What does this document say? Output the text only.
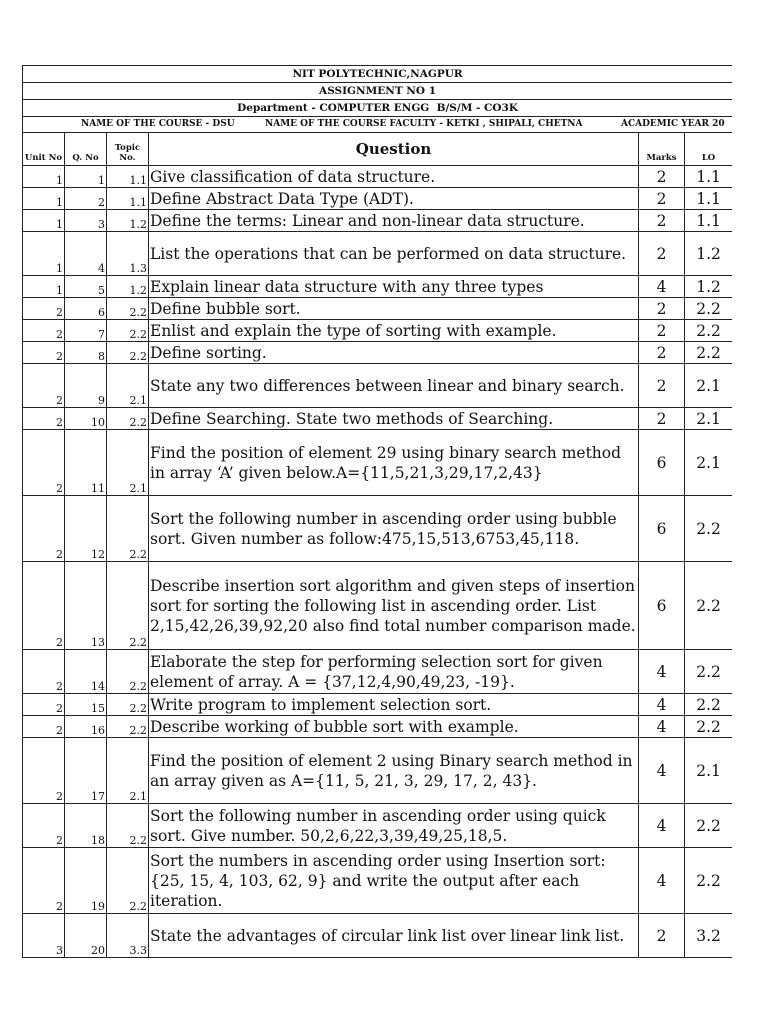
NIT POLYTECHNIC,NAGPUR					
ASSIGNMENT NO 1					
Department - COMPUTER ENGG  B/S/M - CO3K					

NAME OF THE COURSE - DSU NAME OF THE COURSE FACULTY - KETKI , SHIPALI, CHETNA ACADEMIC YEAR 20					

Unit No	Q. No	Topic No.	Question	Marks	LO
1	1	1.1	Give classification of data structure.	2	1.1
1	2	1.1	Define Abstract Data Type (ADT).	2	1.1
1	3	1.2	Define the terms: Linear and non-linear data structure.	2	1.1
1	4	1.3	List the operations that can be performed on data structure.	2	1.2
1	5	1.2	Explain linear data structure with any three types	4	1.2
2	6	2.2	Define bubble sort.	2	2.2
2	7	2.2	Enlist and explain the type of sorting with example.	2	2.2
2	8	2.2	Define sorting.	2	2.2
2	9	2.1	State any two differences between linear and binary search.	2	2.1
2	10	2.2	Define Searching. State two methods of Searching.	2	2.1
2	11	2.1	Find the position of element 29 using binary search method in array ‘A’ given below.A={11,5,21,3,29,17,2,43}	6	2.1
2	12	2.2	Sort the following number in ascending order using bubble sort. Given number as follow:475,15,513,6753,45,118.	6	2.2
2	13	2.2	Describe insertion sort algorithm and given steps of insertion sort for sorting the following list in ascending order. List 2,15,42,26,39,92,20 also find total number comparison made.	6	2.2
2	14	2.2	Elaborate the step for performing selection sort for given element of array. A = {37,12,4,90,49,23, -19}.	4	2.2
2	15	2.2	Write program to implement selection sort.	4	2.2
2	16	2.2	Describe working of bubble sort with example.	4	2.2
2	17	2.1	Find the position of element 2 using Binary search method in an array given as A={11, 5, 21, 3, 29, 17, 2, 43}.	4	2.1
2	18	2.2	Sort the following number in ascending order using quick sort. Give number. 50,2,6,22,3,39,49,25,18,5.	4	2.2
2	19	2.2	Sort the numbers in ascending order using Insertion sort: {25, 15, 4, 103, 62, 9} and write the output after each iteration.	4	2.2
3	20	3.3	State the advantages of circular link list over linear link list.	2	3.2
